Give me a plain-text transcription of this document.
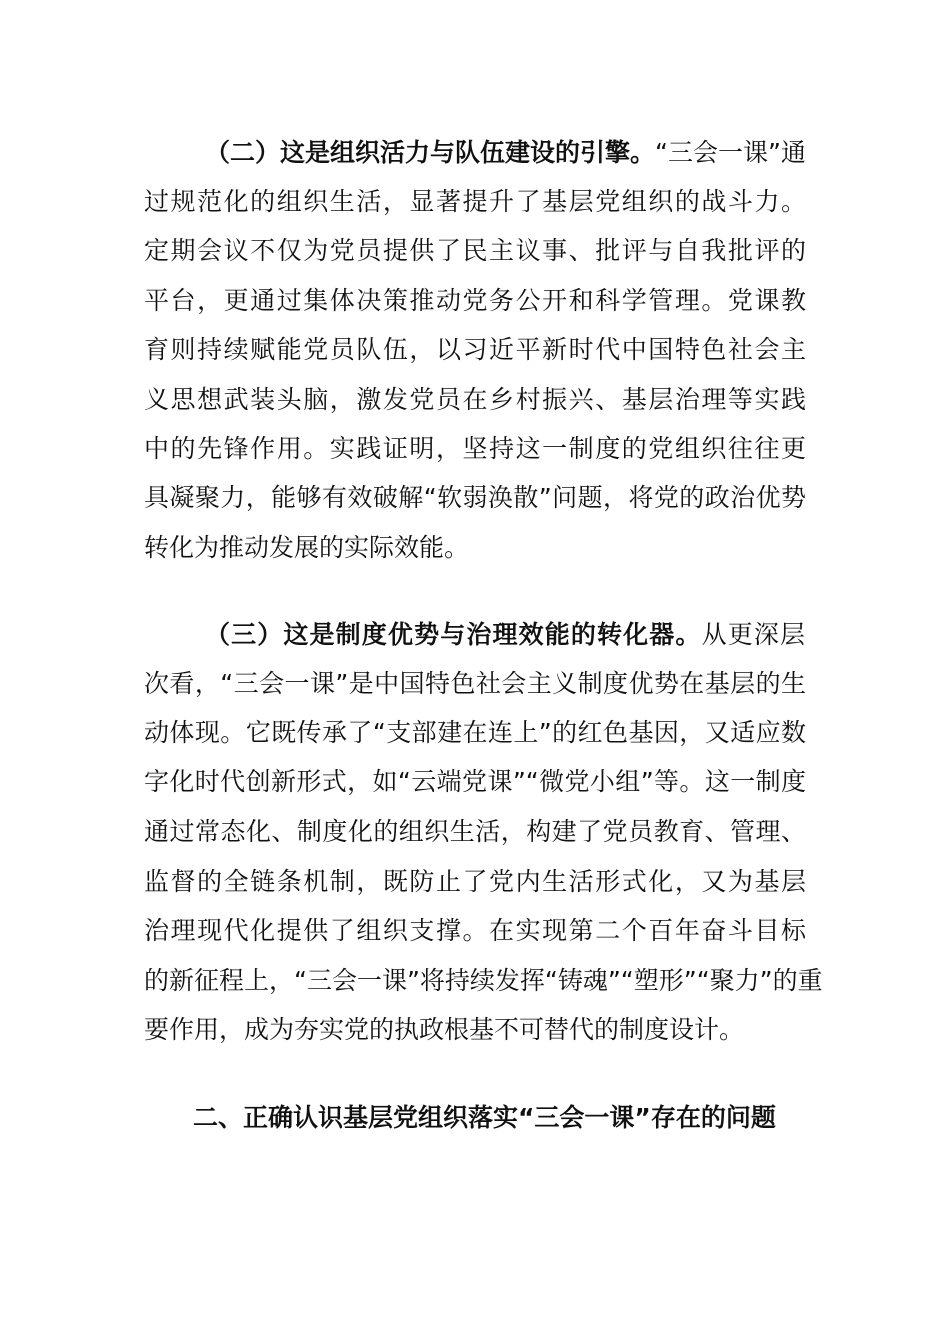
（二）这是组织活力与队伍建设的引擎。“三会一课”通
过规范化的组织生活，显著提升了基层党组织的战斗力。
定期会议不仅为党员提供了民主议事、批评与自我批评的
平台，更通过集体决策推动党务公开和科学管理。党课教
育则持续赋能党员队伍，以习近平新时代中国特色社会主
义思想武装头脑，激发党员在乡村振兴、基层治理等实践
中的先锋作用。实践证明，坚持这一制度的党组织往往更
具凝聚力，能够有效破解“软弱涣散”问题，将党的政治优势
转化为推动发展的实际效能。
（三）这是制度优势与治理效能的转化器。从更深层
次看，“三会一课”是中国特色社会主义制度优势在基层的生
动体现。它既传承了“支部建在连上”的红色基因，又适应数
字化时代创新形式，如“云端党课”“微党小组”等。这一制度
通过常态化、制度化的组织生活，构建了党员教育、管理、
监督的全链条机制，既防止了党内生活形式化，又为基层
治理现代化提供了组织支撑。在实现第二个百年奋斗目标
的新征程上，“三会一课”将持续发挥“铸魂”“塑形”“聚力”的重
要作用，成为夯实党的执政根基不可替代的制度设计。
二、正确认识基层党组织落实“三会一课”存在的问题
